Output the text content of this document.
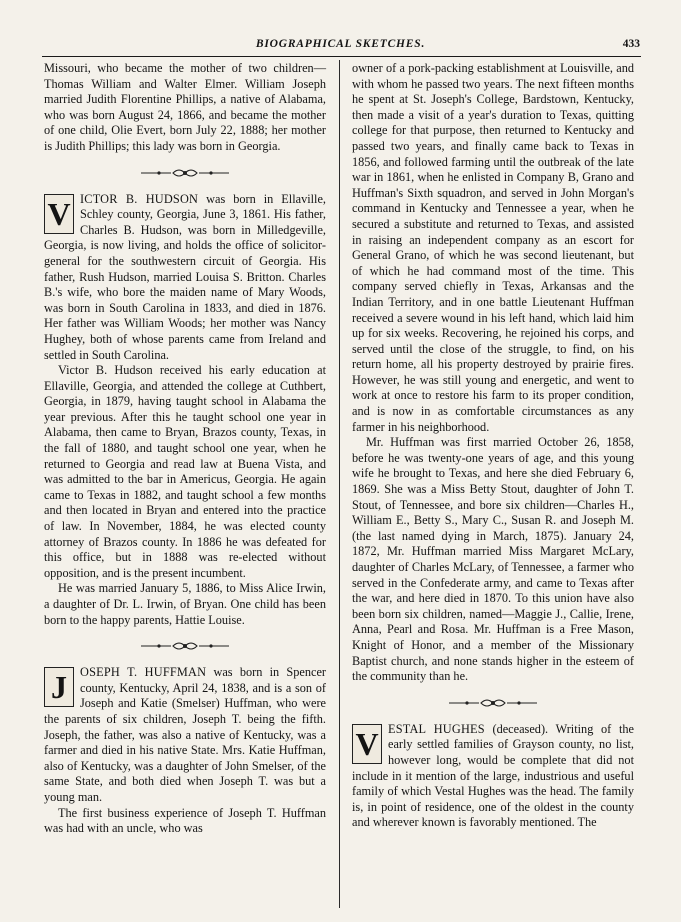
BIOGRAPHICAL SKETCHES.	433

Missouri, who became the mother of two children—Thomas William and Walter Elmer. William Joseph married Judith Florentine Phillips, a native of Alabama, who was born August 24, 1866, and became the mother of one child, Olie Evert, born July 22, 1888; her mother is Judith Phillips; this lady was born in Georgia.

V ICTOR B. HUDSON was born in Ellaville, Schley county, Georgia, June 3, 1861. His father, Charles B. Hudson, was born in Milledgeville, Georgia, is now living, and holds the office of solicitor-general for the southwestern circuit of Georgia. His father, Rush Hudson, married Louisa S. Britton. Charles B.'s wife, who bore the maiden name of Mary Woods, was born in South Carolina in 1833, and died in 1876. Her father was William Woods; her mother was Nancy Hughey, both of whose parents came from Ireland and settled in South Carolina.

Victor B. Hudson received his early education at Ellaville, Georgia, and attended the college at Cuthbert, Georgia, in 1879, having taught school in Alabama the year previous. After this he taught school one year in Alabama, then came to Bryan, Brazos county, Texas, in the fall of 1880, and taught school one year, when he returned to Georgia and read law at Buena Vista, and was admitted to the bar in Americus, Georgia. He again came to Texas in 1882, and taught school a few months and then located in Bryan and entered into the practice of law. In November, 1884, he was elected county attorney of Brazos county. In 1886 he was defeated for this office, but in 1888 was re-elected without opposition, and is the present incumbent.

He was married January 5, 1886, to Miss Alice Irwin, a daughter of Dr. L. Irwin, of Bryan. One child has been born to the happy parents, Hattie Louise.

J	OSEPH T. HUFFMAN was born in Spencer county, Kentucky, April 24, 1838, and is a son of Joseph and Katie (Smelser) Huffman, who were the parents of six children, Joseph T. being the fifth. Joseph, the father, was also a native of Kentucky, was a farmer and died in his native State. Mrs. Katie Huffman, also of Kentucky, was a daughter of John Smelser, of the same State, and both died when Joseph T. was but a young man.

The first business experience of Joseph T. Huffman was had with an uncle, who was

owner of a pork-packing establishment at Louisville, and with whom he passed two years. The next fifteen months he spent at St. Joseph's College, Bardstown, Kentucky, then made a visit of a year's duration to Texas, quitting college for that purpose, then returned to Kentucky and passed two years, and finally came back to Texas in 1856, and followed farming until the outbreak of the late war in 1861, when he enlisted in Company B, Grano and Huffman's Sixth squadron, and served in John Morgan's command in Kentucky and Tennessee a year, when he secured a substitute and returned to Texas, and assisted in raising an independent company as an escort for General Grano, of which he was second lieutenant, but of which he had command most of the time. This company served chiefly in Texas, Arkansas and the Indian Territory, and in one battle Lieutenant Huffman received a severe wound in his left hand, which laid him up for six weeks. Recovering, he rejoined his corps, and served until the close of the struggle, to find, on his return home, all his property destroyed by prairie fires. However, he was still young and energetic, and went to work at once to restore his farm to its proper condition, and is now in as comfortable circumstances as any farmer in his neighborhood.

Mr. Huffman was first married October 26, 1858, before he was twenty-one years of age, and this young wife he brought to Texas, and here she died February 6, 1869. She was a Miss Betty Stout, daughter of John T. Stout, of Tennessee, and bore six children—Charles H., William E., Betty S., Mary C., Susan R. and Joseph M. (the last named dying in March, 1875). January 24, 1872, Mr. Huffman married Miss Margaret McLary, daughter of Charles McLary, of Tennessee, a farmer who served in the Confederate army, and came to Texas after the war, and here died in 1870. To this union have also been born six children, named—Maggie J., Callie, Irene, Anna, Pearl and Rosa. Mr. Huffman is a Free Mason, Knight of Honor, and a member of the Missionary Baptist church, and none stands higher in the esteem of the community than he.

V ESTAL HUGHES (deceased). Writing of the early settled families of Grayson county, no list, however long, would be complete that did not include in it mention of the large, industrious and useful family of which Vestal Hughes was the head. The family is, in point of residence, one of the oldest in the county and wherever known is favorably mentioned. The
